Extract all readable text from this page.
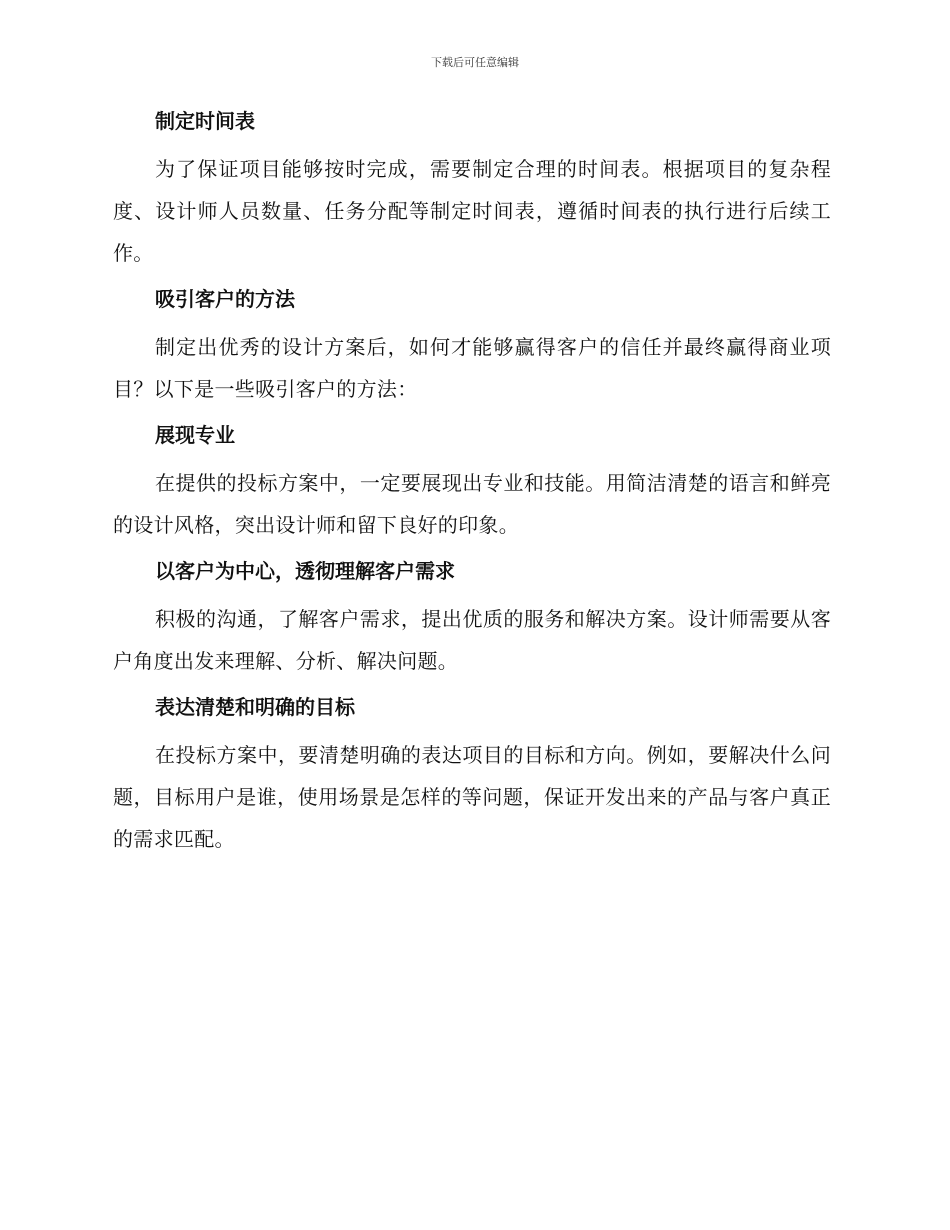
下载后可任意编辑
制定时间表

为了保证项目能够按时完成，需要制定合理的时间表。根据项目的复杂程度、设计师人员数量、任务分配等制定时间表，遵循时间表的执行进行后续工作。

吸引客户的方法

制定出优秀的设计方案后，如何才能够赢得客户的信任并最终赢得商业项目？以下是一些吸引客户的方法：

展现专业

在提供的投标方案中，一定要展现出专业和技能。用简洁清楚的语言和鲜亮的设计风格，突出设计师和留下良好的印象。

以客户为中心，透彻理解客户需求

积极的沟通，了解客户需求，提出优质的服务和解决方案。设计师需要从客户角度出发来理解、分析、解决问题。

表达清楚和明确的目标

在投标方案中，要清楚明确的表达项目的目标和方向。例如，要解决什么问题，目标用户是谁，使用场景是怎样的等问题，保证开发出来的产品与客户真正的需求匹配。
